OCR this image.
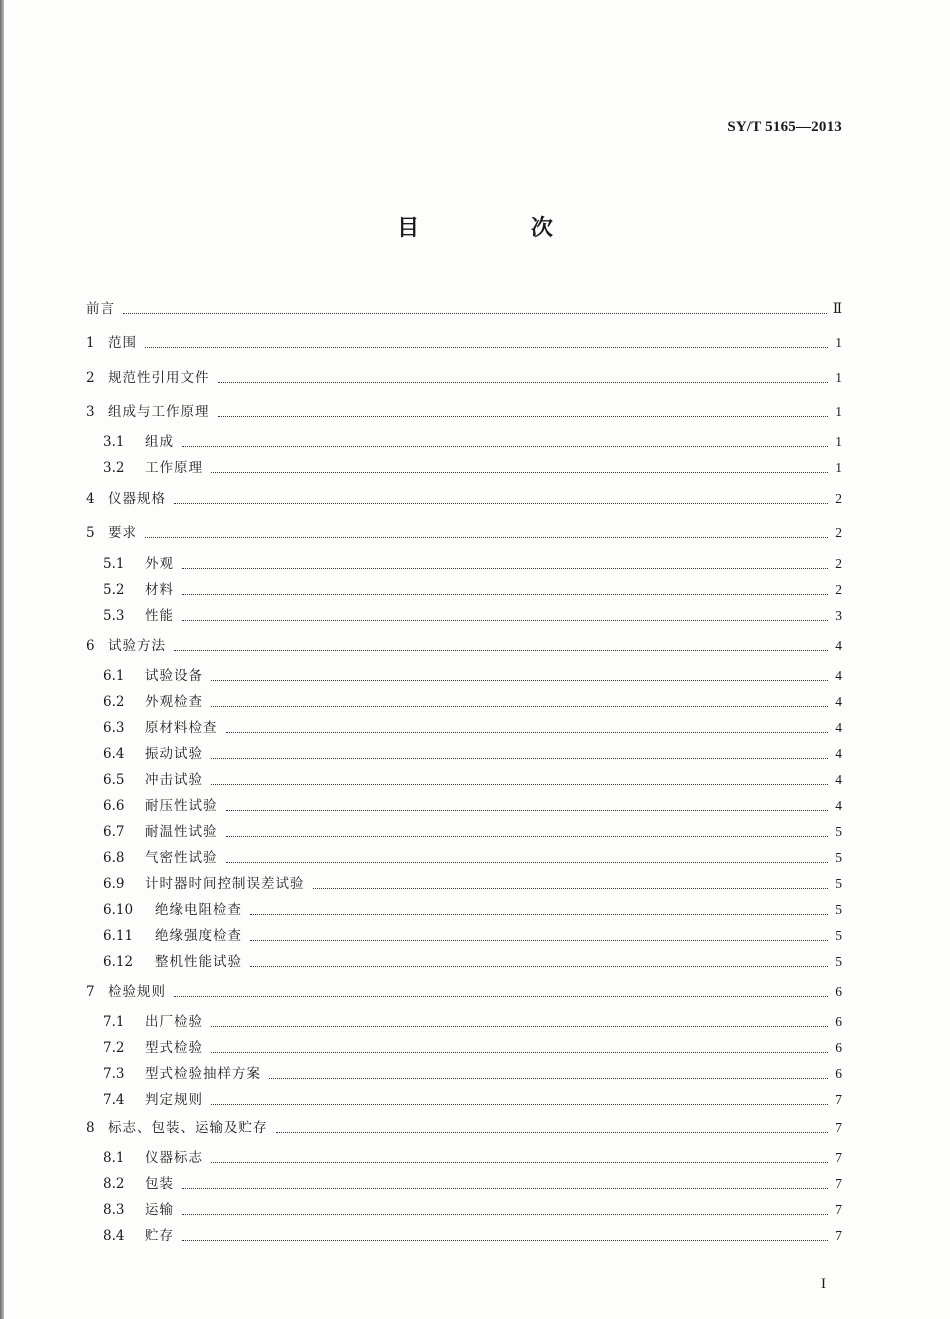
SY/T 5165—2013
目 次
前言	Ⅱ
1 范围	1
2 规范性引用文件	1
3 组成与工作原理	1
3.1	组成	1
3.2	工作原理	1
4 仪器规格	2
5 要求	2
5.1	外观	2
5.2	材料	2
5.3	性能	3
6 试验方法	4
6.1	试验设备	4
6.2	外观检查	4
6.3	原材料检查	4
6.4	振动试验	4
6.5	冲击试验	4
6.6	耐压性试验	4
6.7	耐温性试验	5
6.8	气密性试验	5
6.9	计时器时间控制误差试验	5
6.10	绝缘电阻检查	5
6.11	绝缘强度检查	5
6.12	整机性能试验	5
7 检验规则	6
7.1	出厂检验	6
7.2	型式检验	6
7.3	型式检验抽样方案	6
7.4	判定规则	7
8 标志、包装、运输及贮存	7
8.1	仪器标志	7
8.2	包装	7
8.3	运输	7
8.4	贮存	7
I
